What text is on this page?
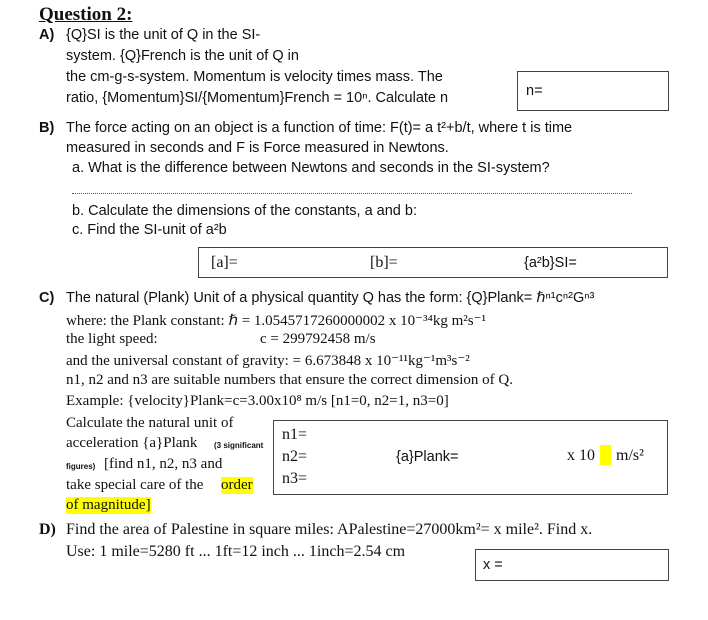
Question 2:
A) {Q}SI is the unit of Q in the SI-
system. {Q}French is the unit of Q in
the cm-g-s-system. Momentum is velocity times mass. The
ratio, {Momentum}SI/{Momentum}French = 10ⁿ. Calculate n	n=
B) The force acting on an object is a function of time: F(t)= a t²+b/t, where t is time
measured in seconds and F is Force measured in Newtons.
a. What is the difference between Newtons and seconds in the SI-system?
b. Calculate the dimensions of the constants, a and b:
c. Find the SI-unit of a²b
[a]=	[b]=	{a²b}SI=
C) The natural (Plank) Unit of a physical quantity Q has the form: {Q}Plank= ℏⁿ¹cⁿ²Gⁿ³
where: the Plank constant: ℏ = 1.0545717260000002 x 10⁻³⁴kg m²s⁻¹
the light speed:	c = 299792458 m/s
and the universal constant of gravity: = 6.673848 x 10⁻¹¹kg⁻¹m³s⁻²
n1, n2 and n3 are suitable numbers that ensure the correct dimension of Q.
Example: {velocity}Plank=c=3.00x10⁸ m/s [n1=0, n2=1, n3=0]
Calculate the natural unit of
acceleration {a}Plank (3 significant
figures) [find n1, n2, n3 and
take special care of the order
of magnitude]
n1=
n2=
n3=
{a}Plank=	x 10 m/s²
D) Find the area of Palestine in square miles: APalestine=27000km²= x mile². Find x.
Use: 1 mile=5280 ft ... 1ft=12 inch ... 1inch=2.54 cm
x =
